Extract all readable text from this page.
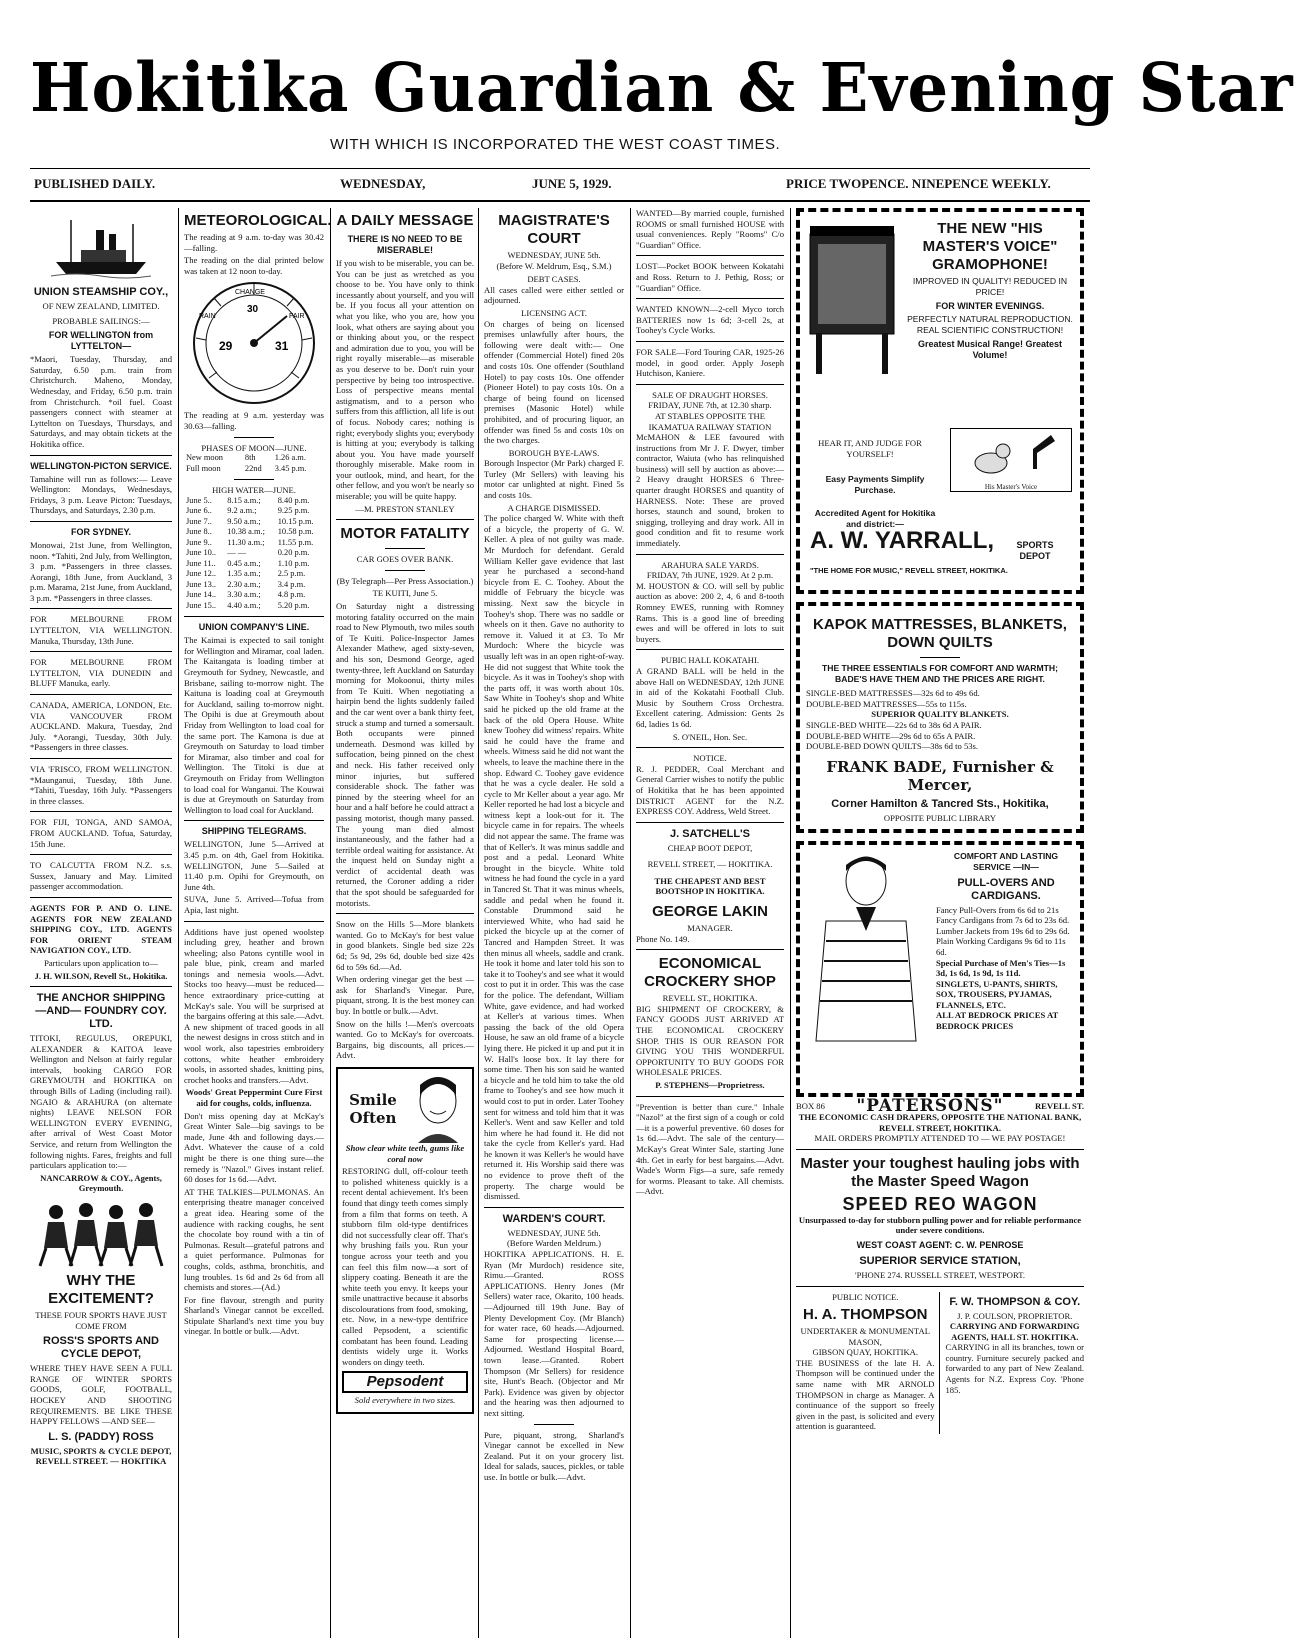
Hokitika Guardian & Evening Star
WITH WHICH IS INCORPORATED THE WEST COAST TIMES.
PUBLISHED DAILY.	WEDNESDAY,	JUNE 5, 1929.	PRICE TWOPENCE. NINEPENCE WEEKLY.
UNION STEAMSHIP COY.,
OF NEW ZEALAND, LIMITED.
PROBABLE SAILINGS:—
FOR WELLINGTON from LYTTELTON—

*Maori, Tuesday, Thursday, and Saturday, 6.50 p.m. train from Christchurch. Maheno, Monday, Wednesday, and Friday, 6.50 p.m. train from Christchurch. *oil fuel. Coast passengers connect with steamer at Lyttelton on Tuesdays, Thursdays, and Saturdays, and may obtain tickets at the Hokitika office.

WELLINGTON-PICTON SERVICE.

Tamahine will run as follows:— Leave Wellington: Mondays, Wednesdays, Fridays, 3 p.m. Leave Picton: Tuesdays, Thursdays, and Saturdays, 2.30 p.m.

FOR SYDNEY.

Monowai, 21st June, from Wellington, noon. *Tahiti, 2nd July, from Wellington, 3 p.m. *Passengers in three classes. Aorangi, 18th June, from Auckland, 3 p.m. Marama, 21st June, from Auckland, 3 p.m. *Passengers in three classes.

FOR MELBOURNE FROM LYTTELTON, VIA WELLINGTON. Manuka, Thursday, 13th June.

FOR MELBOURNE FROM LYTTELTON, VIA DUNEDIN and BLUFF Manuka, early.

CANADA, AMERICA, LONDON, Etc. VIA VANCOUVER FROM AUCKLAND. Makura, Tuesday, 2nd July. *Aorangi, Tuesday, 30th July. *Passengers in three classes.

VIA 'FRISCO, FROM WELLINGTON. *Maunganui, Tuesday, 18th June. *Tahiti, Tuesday, 16th July. *Passengers in three classes.

FOR FIJI, TONGA, AND SAMOA, FROM AUCKLAND. Tofua, Saturday, 15th June.

TO CALCUTTA FROM N.Z. s.s. Sussex, January and May. Limited passenger accommodation.

AGENTS FOR P. AND O. LINE. AGENTS FOR NEW ZEALAND SHIPPING COY., LTD. AGENTS FOR ORIENT STEAM NAVIGATION COY., LTD.

Particulars upon application to—

J. H. WILSON, Revell St., Hokitika.

THE ANCHOR SHIPPING —AND— FOUNDRY COY. LTD.

TITOKI, REGULUS, OREPUKI, ALEXANDER & KAITOA leave Wellington and Nelson at fairly regular intervals, booking CARGO FOR GREYMOUTH and HOKITIKA on through Bills of Lading (including rail). NGAIO & ARAHURA (on alternate nights) LEAVE NELSON FOR WELLINGTON EVERY EVENING, after arrival of West Coast Motor Service, and return from Wellington the following nights. Fares, freights and full particulars application to:—

NANCARROW & COY., Agents, Greymouth.

WHY THE EXCITEMENT?

THESE FOUR SPORTS HAVE JUST COME FROM

ROSS'S SPORTS AND CYCLE DEPOT,

WHERE THEY HAVE SEEN A FULL RANGE OF WINTER SPORTS GOODS, GOLF, FOOTBALL, HOCKEY AND SHOOTING REQUIREMENTS. BE LIKE THESE HAPPY FELLOWS —AND SEE—

L. S. (PADDY) ROSS

MUSIC, SPORTS & CYCLE DEPOT, REVELL STREET. — HOKITIKA

METEOROLOGICAL.

The reading at 9 a.m. to-day was 30.42—falling.

The reading on the dial printed below was taken at 12 noon to-day.

29	31
30
CHANGE
FAIR
RAIN

The reading at 9 a.m. yesterday was 30.63—falling.

PHASES OF MOON—JUNE.
New moon	8th	1.26 a.m.
Full moon	22nd	3.45 p.m.
HIGH WATER—JUNE.
June 5..	8.15 a.m.;	8.40 p.m.
June 6..	9.2 a.m.;	9.25 p.m.
June 7..	9.50 a.m.;	10.15 p.m.
June 8..	10.38 a.m.;	10.58 p.m.
June 9..	11.30 a.m.;	11.55 p.m.
June 10..	— —	0.20 p.m.
June 11..	0.45 a.m.;	1.10 p.m.
June 12..	1.35 a.m.;	2.5 p.m.
June 13..	2.30 a.m.;	3.4 p.m.
June 14..	3.30 a.m.;	4.8 p.m.
June 15..	4.40 a.m.;	5.20 p.m.
UNION COMPANY'S LINE.

The Kaimai is expected to sail tonight for Wellington and Miramar, coal laden. The Kaitangata is loading timber at Greymouth for Sydney, Newcastle, and Brisbane, sailing to-morrow night. The Kaituna is loading coal at Greymouth for Auckland, sailing to-morrow night. The Opihi is due at Greymouth about Friday from Wellington to load coal for the same port. The Kamona is due at Greymouth on Saturday to load timber for Miramar, also timber and coal for Wellington. The Titoki is due at Greymouth on Friday from Wellington to load coal for Wanganui. The Kouwai is due at Greymouth on Saturday from Wellington to load coal for Auckland.

SHIPPING TELEGRAMS.

WELLINGTON, June 5—Arrived at 3.45 p.m. on 4th, Gael from Hokitika. WELLINGTON, June 5—Sailed at 11.40 p.m. Opihi for Greymouth, on June 4th.

SUVA, June 5. Arrived—Tofua from Apia, last night.

Additions have just opened woolstep including grey, heather and brown wheeling; also Patons cyntille wool in pale blue, pink, cream and marled tonings and nemesia wools.—Advt. Stocks too heavy—must be reduced—hence extraordinary price-cutting at McKay's sale. You will be surprised at the bargains offering at this sale.—Advt. A new shipment of traced goods in all the newest designs in cross stitch and in wool work, also tapestries embroidery cottons, white heather embroidery wools, in assorted shades, knitting pins, crochet hooks and transfers.—Advt.

Woods' Great Peppermint Cure First aid for coughs, colds, influenza.

Don't miss opening day at McKay's Great Winter Sale—big savings to be made, June 4th and following days.—Advt. Whatever the cause of a cold might be there is one thing sure—the remedy is "Nazol." Gives instant relief. 60 doses for 1s 6d.—Advt.

AT THE TALKIES—PULMONAS. An enterprising theatre manager conceived a great idea. Hearing some of the audience with racking coughs, he sent the chocolate boy round with a tin of Pulmonas. Result—grateful patrons and a quiet performance. Pulmonas for coughs, colds, asthma, bronchitis, and lung troubles. 1s 6d and 2s 6d from all chemists and stores.—(Ad.)

For fine flavour, strength and purity Sharland's Vinegar cannot be excelled. Stipulate Sharland's next time you buy vinegar. In bottle or bulk.—Advt.

A DAILY MESSAGE
THERE IS NO NEED TO BE MISERABLE!

If you wish to be miserable, you can be. You can be just as wretched as you choose to be. You have only to think incessantly about yourself, and you will be. If you focus all your attention on what you like, who you are, how you look, what others are saying about you or thinking about you, or the respect and admiration due to you, you will be right royally miserable—as miserable as you deserve to be. Don't ruin your perspective by being too introspective. Loss of perspective means mental astigmatism, and to a person who suffers from this affliction, all life is out of focus. Nobody cares; nothing is right; everybody slights you; everybody is hitting at you; everybody is talking about you. You have made yourself thoroughly miserable. Make room in your outlook, mind, and heart, for the other fellow, and you won't be nearly so miserable; you will be quite happy.

—M. PRESTON STANLEY

MOTOR FATALITY
CAR GOES OVER BANK.

(By Telegraph—Per Press Association.)

TE KUITI, June 5.

On Saturday night a distressing motoring fatality occurred on the main road to New Plymouth, two miles south of Te Kuiti. Police-Inspector James Alexander Mathew, aged sixty-seven, and his son, Desmond George, aged twenty-three, left Auckland on Saturday morning for Mokoonui, thirty miles from Te Kuiti. When negotiating a hairpin bend the lights suddenly failed and the car went over a bank thirty feet, struck a stump and turned a somersault. Both occupants were pinned underneath. Desmond was killed by suffocation, being pinned on the chest and neck. His father received only minor injuries, but suffered considerable shock. The father was pinned by the steering wheel for an hour and a half before he could attract a passing motorist, though many passed. The young man died almost instantaneously, and the father had a terrible ordeal waiting for assistance. At the inquest held on Sunday night a verdict of accidental death was returned, the Coroner adding a rider that the spot should be safeguarded for motorists.

Snow on the Hills 5—More blankets wanted. Go to McKay's for best value in good blankets. Single bed size 22s 6d; 5s 9d, 29s 6d, double bed size 42s 6d to 59s 6d.—Ad.

When ordering vinegar get the best —ask for Sharland's Vinegar. Pure, piquant, strong. It is the best money can buy. In bottle or bulk.—Advt.

Snow on the hills !—Men's overcoats wanted. Go to McKay's for overcoats. Bargains, big discounts, all prices.—Advt.

Smile Often

Show clear white teeth, gums like coral now

RESTORING dull, off-colour teeth to polished whiteness quickly is a recent dental achievement. It's been found that dingy teeth comes simply from a film that forms on teeth. A stubborn film old-type dentifrices did not successfully clear off. That's why brushing fails you. Run your tongue across your teeth and you can feel this film now—a sort of slippery coating. Beneath it are the white teeth you envy. It keeps your smile unattractive because it absorbs discolourations from food, smoking, etc. Now, in a new-type dentifrice called Pepsodent, a scientific combatant has been found. Leading dentists widely urge it. Works wonders on dingy teeth.

Pepsodent

Sold everywhere in two sizes.

MAGISTRATE'S COURT
WEDNESDAY, JUNE 5th.
(Before W. Meldrum, Esq., S.M.)
DEBT CASES.

All cases called were either settled or adjourned.

LICENSING ACT.

On charges of being on licensed premises unlawfully after hours, the following were dealt with:— One offender (Commercial Hotel) fined 20s and costs 10s. One offender (Southland Hotel) to pay costs 10s. One offender (Pioneer Hotel) to pay costs 10s. On a charge of being found on licensed premises (Masonic Hotel) while prohibited, and of procuring liquor, an offender was fined 5s and costs 10s on the two charges.

BOROUGH BYE-LAWS.

Borough Inspector (Mr Park) charged F. Turley (Mr Sellers) with leaving his motor car unlighted at night. Fined 5s and costs 10s.

A CHARGE DISMISSED.

The police charged W. White with theft of a bicycle, the property of G. W. Keller. A plea of not guilty was made. Mr Murdoch for defendant. Gerald William Keller gave evidence that last year he purchased a second-hand bicycle from E. C. Toohey. About the middle of February the bicycle was missing. Next saw the bicycle in Toohey's shop. There was no saddle or wheels on it then. Gave no authority to remove it. Valued it at £3. To Mr Murdoch: Where the bicycle was usually left was in an open right-of-way. He did not suggest that White took the bicycle. As it was in Toohey's shop with the parts off, it was worth about 10s. Saw White in Toohey's shop and White said he picked up the old frame at the back of the old Opera House. White knew Toohey did witness' repairs. White said he could have the frame and wheels. Witness said he did not want the wheels, to leave the machine there in the shop. Edward C. Toohey gave evidence that he was a cycle dealer. He sold a cycle to Mr Keller about a year ago. Mr Keller reported he had lost a bicycle and witness kept a look-out for it. The bicycle came in for repairs. The wheels did not appear the same. The frame was that of Keller's. It was minus saddle and post and a pedal. Leonard White brought in the bicycle. White told witness he had found the cycle in a yard in Tancred St. That it was minus wheels, saddle and pedal when he found it. Constable Drummond said he interviewed White, who had said he picked the bicycle up at the corner of Tancred and Hampden Street. It was then minus all wheels, saddle and crank. He took it home and later told his son to take it to Toohey's and see what it would cost to put it in order. This was the case for the police. The defendant, William White, gave evidence, and had worked at Keller's at various times. When passing the back of the old Opera House, he saw an old frame of a bicycle lying there. He picked it up and put it in W. Hall's loose box. It lay there for some time. Then his son said he wanted a bicycle and he told him to take the old frame to Toohey's and see how much it would cost to put in order. Later Toohey sent for witness and told him that it was Keller's. Went and saw Keller and told him where he had found it. He did not take the cycle from Keller's yard. Had he known it was Keller's he would have returned it. His Worship said there was no evidence to prove theft of the property. The charge would be dismissed.

WARDEN'S COURT.
WEDNESDAY, JUNE 5th.
(Before Warden Meldrum.)

HOKITIKA APPLICATIONS. H. E. Ryan (Mr Murdoch) residence site, Rimu.—Granted. ROSS APPLICATIONS. Henry Jones (Mr Sellers) water race, Okarito, 100 heads.—Adjourned till 19th June. Bay of Plenty Development Coy. (Mr Blanch) for water race, 60 heads.—Adjourned. Same for prospecting license.—Adjourned. Westland Hospital Board, town lease.—Granted. Robert Thompson (Mr Sellers) for residence site, Hunt's Beach. (Objector and Mr Park). Evidence was given by objector and the hearing was then adjourned to next sitting.

Pure, piquant, strong, Sharland's Vinegar cannot be excelled in New Zealand. Put it on your grocery list. Ideal for salads, sauces, pickles, or table use. In bottle or bulk.—Advt.

WANTED—By married couple, furnished ROOMS or small furnished HOUSE with usual conveniences. Reply "Rooms" C/o "Guardian" Office.

LOST—Pocket BOOK between Kokatahi and Ross. Return to J. Pethig, Ross; or "Guardian" Office.

WANTED KNOWN—2-cell Myco torch BATTERIES now 1s 6d; 3-cell 2s, at Toohey's Cycle Works.

FOR SALE—Ford Touring CAR, 1925-26 model, in good order. Apply Joseph Hutchison, Kaniere.

SALE OF DRAUGHT HORSES.
FRIDAY, JUNE 7th, at 12.30 sharp.
AT STABLES OPPOSITE THE IKAMATUA RAILWAY STATION

McMAHON & LEE favoured with instructions from Mr J. F. Dwyer, timber contractor, Waiuta (who has relinquished business) will sell by auction as above:— 2 Heavy draught HORSES 6 Three-quarter draught HORSES and quantity of HARNESS. Note: These are proved horses, staunch and sound, broken to snigging, trolleying and dray work. All in good condition and fit to resume work immediately.

ARAHURA SALE YARDS.
FRIDAY, 7th JUNE, 1929. At 2 p.m.

M. HOUSTON & CO. will sell by public auction as above: 200 2, 4, 6 and 8-tooth Romney EWES, running with Romney Rams. This is a good line of breeding ewes and will be offered in lots to suit buyers.

PUBIC HALL KOKATAHI.

A GRAND BALL will be held in the above Hall on WEDNESDAY, 12th JUNE in aid of the Kokatahi Football Club. Music by Southern Cross Orchestra. Excellent catering. Admission: Gents 2s 6d, ladies 1s 6d.

S. O'NEIL, Hon. Sec.

NOTICE.

R. J. PEDDER, Coal Merchant and General Carrier wishes to notify the public of Hokitika that he has been appointed DISTRICT AGENT for the N.Z. EXPRESS COY. Address, Weld Street.

J. SATCHELL'S
CHEAP BOOT DEPOT,
REVELL STREET, — HOKITIKA.
THE CHEAPEST AND BEST BOOTSHOP IN HOKITIKA.
GEORGE LAKIN
MANAGER.
Phone No. 149.
ECONOMICAL CROCKERY SHOP
REVELL ST., HOKITIKA.

BIG SHIPMENT OF CROCKERY, & FANCY GOODS JUST ARRIVED AT THE ECONOMICAL CROCKERY SHOP. THIS IS OUR REASON FOR GIVING YOU THIS WONDERFUL OPPORTUNITY TO BUY GOODS FOR WHOLESALE PRICES.

P. STEPHENS—Proprietress.

"Prevention is better than cure." Inhale "Nazol" at the first sign of a cough or cold—it is a powerful preventive. 60 doses for 1s 6d.—Advt. The sale of the century—McKay's Great Winter Sale, starting June 4th. Get in early for best bargains.—Advt. Wade's Worm Figs—a sure, safe remedy for worms. Pleasant to take. All chemists.—Advt.

THE NEW "HIS MASTER'S VOICE" GRAMOPHONE!
IMPROVED IN QUALITY! REDUCED IN PRICE!
FOR WINTER EVENINGS.
PERFECTLY NATURAL REPRODUCTION. REAL SCIENTIFIC CONSTRUCTION!
Greatest Musical Range! Greatest Volume!
HEAR IT, AND JUDGE FOR YOURSELF!
His Master's Voice
Easy Payments Simplify Purchase.
Accredited Agent for Hokitika and district:—
A. W. YARRALL,	SPORTS DEPOT
"THE HOME FOR MUSIC," REVELL STREET, HOKITIKA.
KAPOK MATTRESSES, BLANKETS, DOWN QUILTS
THE THREE ESSENTIALS FOR COMFORT AND WARMTH; BADE'S HAVE THEM AND THE PRICES ARE RIGHT.
SINGLE-BED MATTRESSES—32s 6d to 49s 6d.
DOUBLE-BED MATTRESSES—55s to 115s.
SUPERIOR QUALITY BLANKETS.
SINGLE-BED WHITE—22s 6d to 38s 6d A PAIR.
DOUBLE-BED WHITE—29s 6d to 65s A PAIR.
DOUBLE-BED DOWN QUILTS—38s 6d to 53s.
FRANK BADE, Furnisher & Mercer,
Corner Hamilton & Tancred Sts., Hokitika,
OPPOSITE PUBLIC LIBRARY
COMFORT AND LASTING SERVICE —IN—
PULL-OVERS AND CARDIGANS.
Fancy Pull-Overs from 6s 6d to 21s
Fancy Cardigans from 7s 6d to 23s 6d.
Lumber Jackets from 19s 6d to 29s 6d.
Plain Working Cardigans 9s 6d to 11s 6d.
Special Purchase of Men's Ties—1s 3d, 1s 6d, 1s 9d, 1s 11d.
SINGLETS, U-PANTS, SHIRTS, SOX, TROUSERS, PYJAMAS, FLANNELS, ETC.
ALL AT BEDROCK PRICES AT BEDROCK PRICES
BOX 86 "PATERSONS"	REVELL ST.
THE ECONOMIC CASH DRAPERS, OPPOSITE THE NATIONAL BANK, REVELL STREET, HOKITIKA.
MAIL ORDERS PROMPTLY ATTENDED TO — WE PAY POSTAGE!
Master your toughest hauling jobs with the Master Speed Wagon
SPEED REO WAGON
Unsurpassed to-day for stubborn pulling power and for reliable performance under severe conditions.
WEST COAST AGENT: C. W. PENROSE
SUPERIOR SERVICE STATION,
'PHONE 274. RUSSELL STREET, WESTPORT.
PUBLIC NOTICE.
H. A. THOMPSON
UNDERTAKER & MONUMENTAL MASON,
GIBSON QUAY, HOKITIKA.

THE BUSINESS of the late H. A. Thompson will be continued under the same name with MR ARNOLD THOMPSON in charge as Manager. A continuance of the support so freely given in the past, is solicited and every attention is guaranteed.

F. W. THOMPSON & COY.
J. P. COULSON, PROPRIETOR.
CARRYING AND FORWARDING AGENTS, HALL ST. HOKITIKA.

CARRYING in all its branches, town or country. Furniture securely packed and forwarded to any part of New Zealand. Agents for N.Z. Express Coy. 'Phone 185.
